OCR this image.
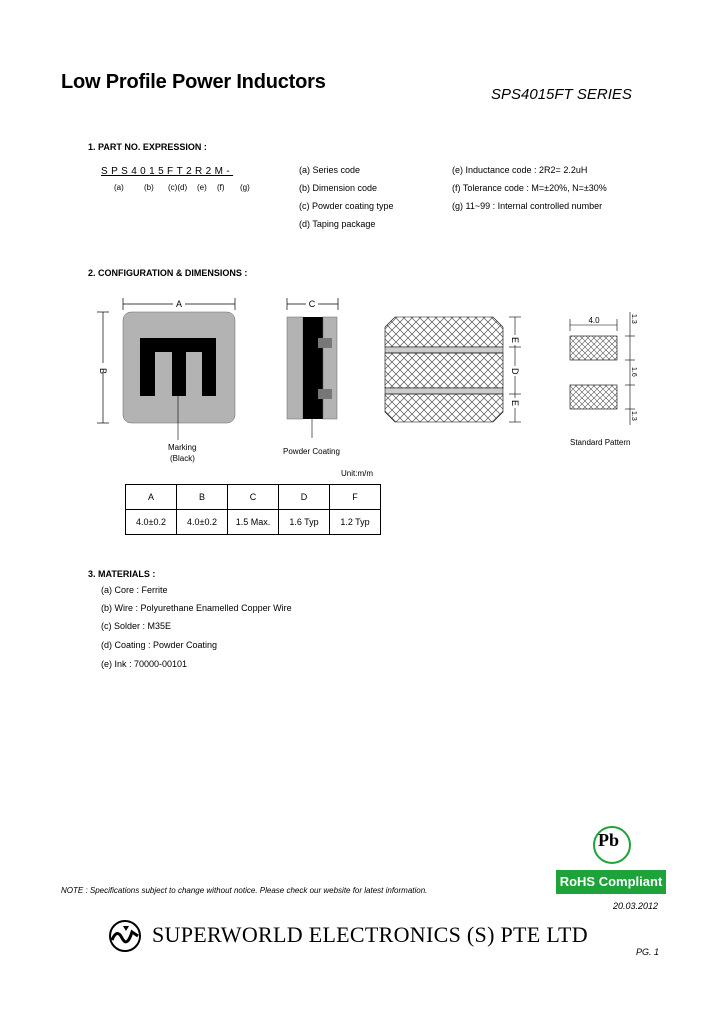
Low Profile Power Inductors
SPS4015FT SERIES
1. PART NO. EXPRESSION :
SPS4015FT2R2M-
(a)	(b) (c)(d) (e) (f) (g)
(a) Series code
(b) Dimension code
(c) Powder coating type
(d) Taping package
(e) Inductance code : 2R2= 2.2uH
(f) Tolerance code : M=±20%, N=±30%
(g) 11~99 : Internal controlled number
2. CONFIGURATION & DIMENSIONS :
A
B
C
E
D
E
4.0	1.3
1.6
1.3
Marking
(Black)
Powder Coating
Standard Pattern
Unit:m/m
A	B	C	D	F
4.0±0.2	4.0±0.2	1.5 Max.	1.6 Typ	1.2 Typ
3. MATERIALS :
(a) Core : Ferrite
(b) Wire : Polyurethane Enamelled Copper Wire
(c) Solder : M35E
(d) Coating : Powder Coating
(e) Ink : 70000-00101
Pb
RoHS Compliant
NOTE : Specifications subject to change without notice. Please check our website for latest information.
20.03.2012
SUPERWORLD ELECTRONICS (S) PTE LTD
PG. 1
